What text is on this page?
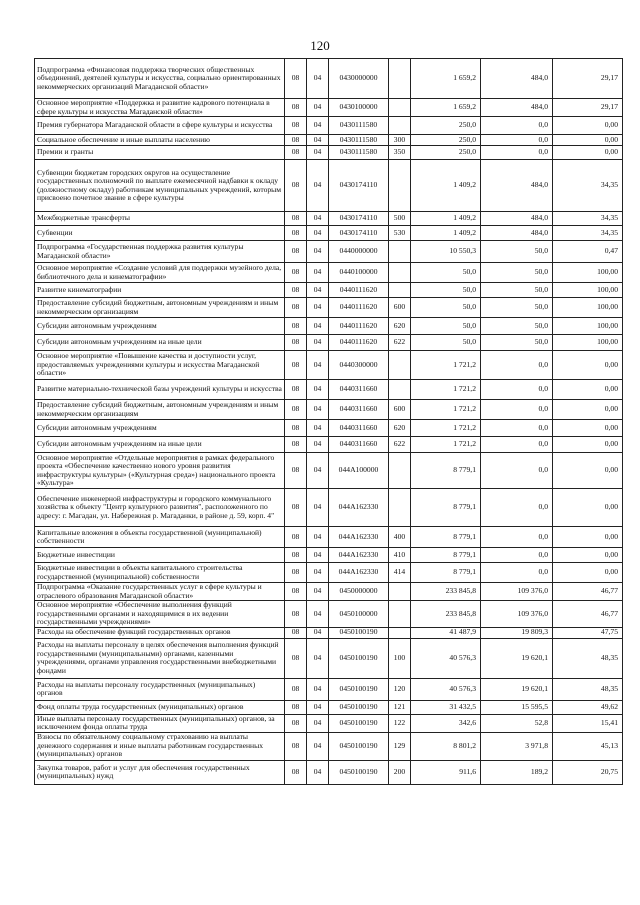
120
Подпрограмма «Финансовая поддержка творческих общественных объединений, деятелей культуры и искусства, социально ориентированных некоммерческих организаций Магаданской области»	08	04	0430000000		1 659,2	484,0	29,17
Основное мероприятие «Поддержка и развитие кадрового потенциала в сфере культуры и искусства Магаданской области»	08	04	0430100000		1 659,2	484,0	29,17
Премия губернатора Магаданской области в сфере культуры и искусства	08	04	0430111580		250,0	0,0	0,00
Социальное обеспечение и иные выплаты населению	08	04	0430111580	300	250,0	0,0	0,00
Премии и гранты	08	04	0430111580	350	250,0	0,0	0,00
Субвенции бюджетам городских округов на осуществление государственных полномочий по выплате ежемесячной надбавки к окладу (должностному окладу) работникам муниципальных учреждений, которым присвоено почетное звание в сфере культуры	08	04	0430174110		1 409,2	484,0	34,35
Межбюджетные трансферты	08	04	0430174110	500	1 409,2	484,0	34,35
Субвенции	08	04	0430174110	530	1 409,2	484,0	34,35
Подпрограмма «Государственная поддержка развития культуры Магаданской области»	08	04	0440000000		10 550,3	50,0	0,47
Основное мероприятие «Создание условий для поддержки музейного дела, библиотечного дела и кинематографии»	08	04	0440100000		50,0	50,0	100,00
Развитие кинематографии	08	04	0440111620		50,0	50,0	100,00
Предоставление субсидий бюджетным, автономным учреждениям и иным некоммерческим организациям	08	04	0440111620	600	50,0	50,0	100,00
Субсидии автономным учреждениям	08	04	0440111620	620	50,0	50,0	100,00
Субсидии автономным учреждениям на иные цели	08	04	0440111620	622	50,0	50,0	100,00
Основное мероприятие «Повышение качества и доступности услуг, предоставляемых учреждениями культуры и искусства Магаданской области»	08	04	0440300000		1 721,2	0,0	0,00
Развитие материально-технической базы учреждений культуры и искусства	08	04	0440311660		1 721,2	0,0	0,00
Предоставление субсидий бюджетным, автономным учреждениям и иным некоммерческим организациям	08	04	0440311660	600	1 721,2	0,0	0,00
Субсидии автономным учреждениям	08	04	0440311660	620	1 721,2	0,0	0,00
Субсидии автономным учреждениям на иные цели	08	04	0440311660	622	1 721,2	0,0	0,00
Основное мероприятие «Отдельные мероприятия в рамках федерального проекта «Обеспечение качественно нового уровня развития инфраструктуры культуры» («Культурная среда») национального проекта «Культура»	08	04	044A100000		8 779,1	0,0	0,00
Обеспечение инженерной инфраструктуры и городского коммунального хозяйства к объекту "Центр культурного развития", расположенного по адресу: г. Магадан, ул. Набережная р. Магаданки, в районе д. 59, корп. 4"	08	04	044A162330		8 779,1	0,0	0,00
Капитальные вложения в объекты государственной (муниципальной) собственности	08	04	044A162330	400	8 779,1	0,0	0,00
Бюджетные инвестиции	08	04	044A162330	410	8 779,1	0,0	0,00
Бюджетные инвестиции в объекты капитального строительства государственной (муниципальной) собственности	08	04	044A162330	414	8 779,1	0,0	0,00
Подпрограмма «Оказание государственных услуг в сфере культуры и отраслевого образования Магаданской области»	08	04	0450000000		233 845,8	109 376,0	46,77
Основное мероприятие «Обеспечение выполнения функций государственными органами и находящимися в их ведении государственными учреждениями»	08	04	0450100000		233 845,8	109 376,0	46,77
Расходы на обеспечение функций государственных органов	08	04	0450100190		41 487,9	19 809,3	47,75
Расходы на выплаты персоналу в целях обеспечения выполнения функций государственными (муниципальными) органами, казенными учреждениями, органами управления государственными внебюджетными фондами	08	04	0450100190	100	40 576,3	19 620,1	48,35
Расходы на выплаты персоналу государственных (муниципальных) органов	08	04	0450100190	120	40 576,3	19 620,1	48,35
Фонд оплаты труда государственных (муниципальных) органов	08	04	0450100190	121	31 432,5	15 595,5	49,62
Иные выплаты персоналу государственных (муниципальных) органов, за исключением фонда оплаты труда	08	04	0450100190	122	342,6	52,8	15,41
Взносы по обязательному социальному страхованию на выплаты денежного содержания и иные выплаты работникам государственных (муниципальных) органов	08	04	0450100190	129	8 801,2	3 971,8	45,13
Закупка товаров, работ и услуг для обеспечения государственных (муниципальных) нужд	08	04	0450100190	200	911,6	189,2	20,75
